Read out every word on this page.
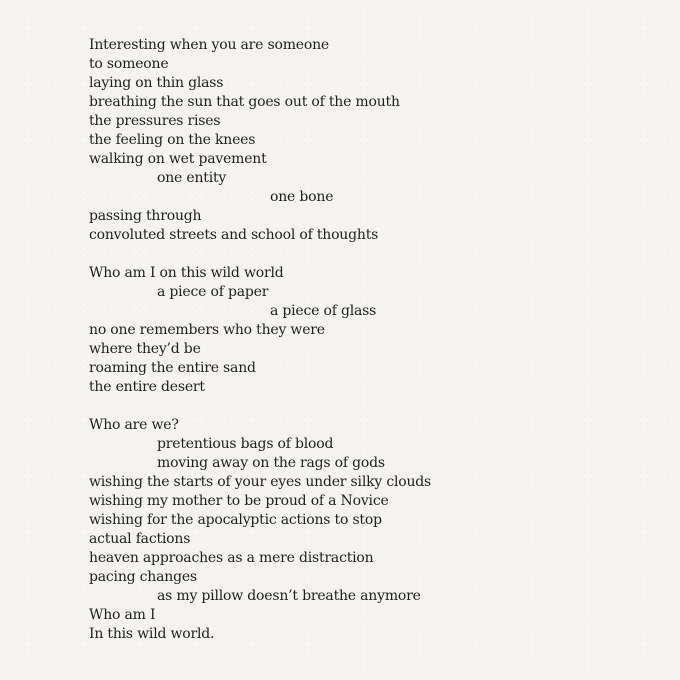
Interesting when you are someone
to someone
laying on thin glass
breathing the sun that goes out of the mouth
the pressures rises
the feeling on the knees
walking on wet pavement
one entity
one bone
passing through
convoluted streets and school of thoughts
Who am I on this wild world
a piece of paper
a piece of glass
no one remembers who they were
where they’d be
roaming the entire sand
the entire desert
Who are we?
pretentious bags of blood
moving away on the rags of gods
wishing the starts of your eyes under silky clouds
wishing my mother to be proud of a Novice
wishing for the apocalyptic actions to stop
actual factions
heaven approaches as a mere distraction
pacing changes
as my pillow doesn’t breathe anymore
Who am I
In this wild world.
